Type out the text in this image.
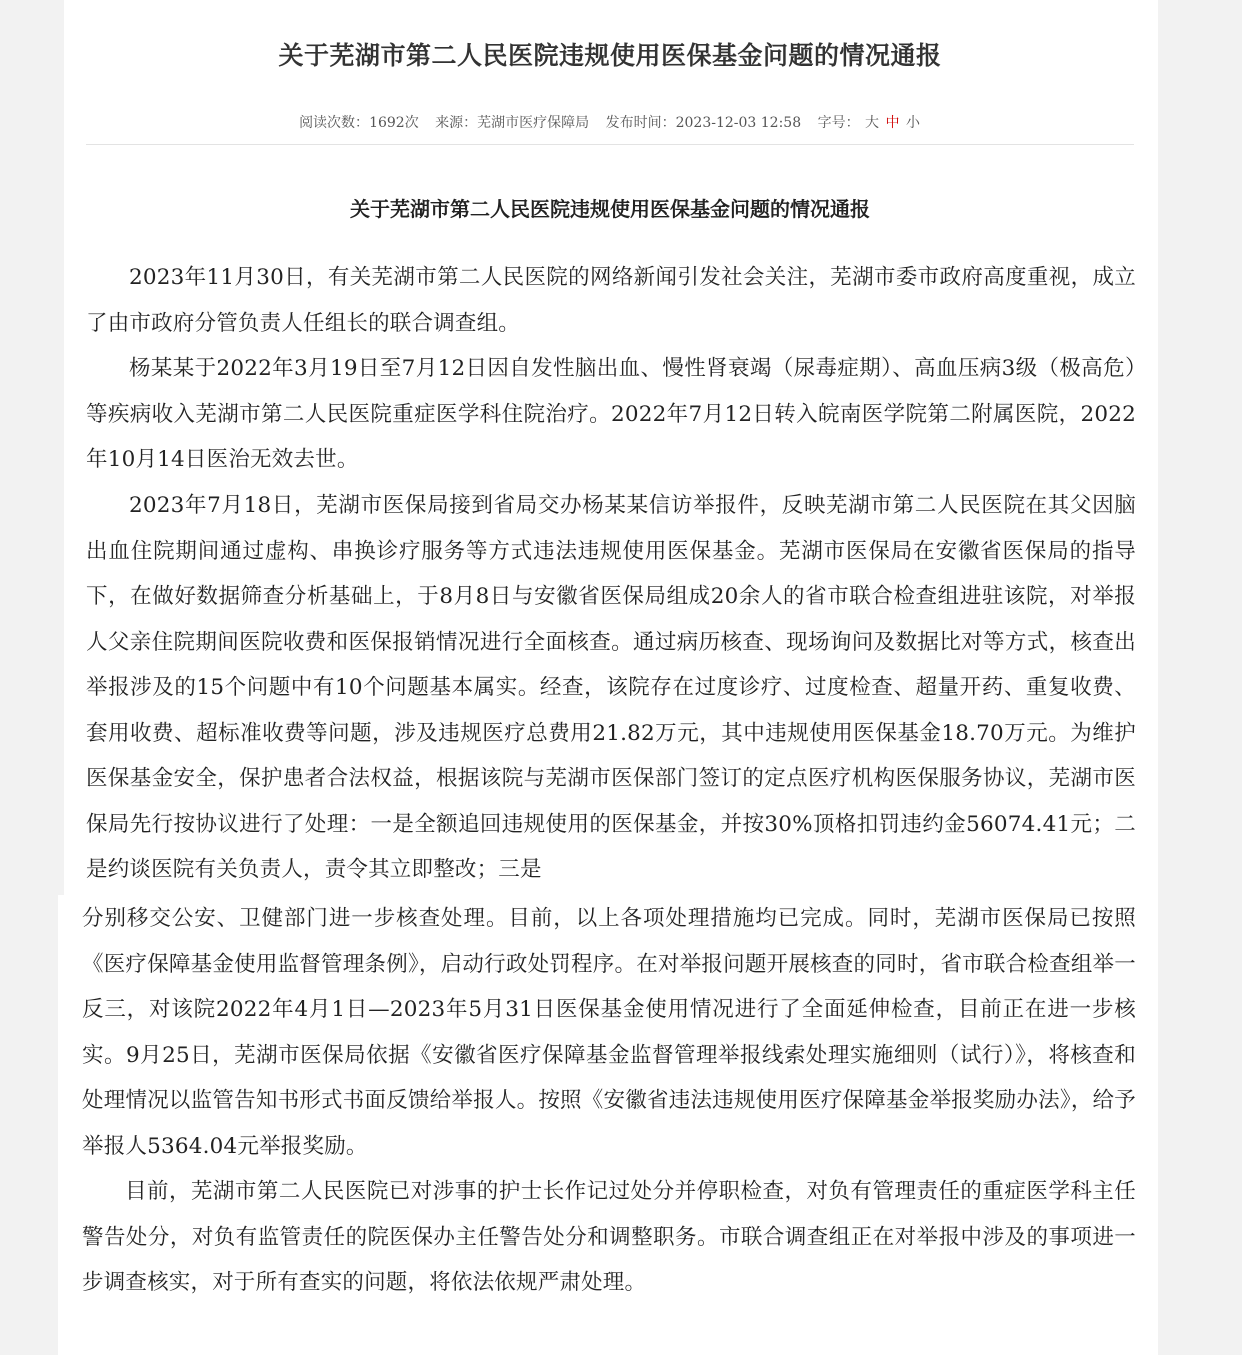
关于芜湖市第二人民医院违规使用医保基金问题的情况通报
阅读次数：1692次 来源：芜湖市医疗保障局 发布时间：2023-12-03 12:58 字号： 大 中 小
关于芜湖市第二人民医院违规使用医保基金问题的情况通报

2023年11月30日，有关芜湖市第二人民医院的网络新闻引发社会关注，芜湖市委市政府高度重视，成立了由市政府分管负责人任组长的联合调查组。

杨某某于2022年3月19日至7月12日因自发性脑出血、慢性肾衰竭（尿毒症期）、高血压病3级（极高危）等疾病收入芜湖市第二人民医院重症医学科住院治疗。2022年7月12日转入皖南医学院第二附属医院，2022年10月14日医治无效去世。

2023年7月18日，芜湖市医保局接到省局交办杨某某信访举报件，反映芜湖市第二人民医院在其父因脑出血住院期间通过虚构、串换诊疗服务等方式违法违规使用医保基金。芜湖市医保局在安徽省医保局的指导下，在做好数据筛查分析基础上，于8月8日与安徽省医保局组成20余人的省市联合检查组进驻该院，对举报人父亲住院期间医院收费和医保报销情况进行全面核查。通过病历核查、现场询问及数据比对等方式，核查出举报涉及的15个问题中有10个问题基本属实。经查，该院存在过度诊疗、过度检查、超量开药、重复收费、套用收费、超标准收费等问题，涉及违规医疗总费用21.82万元，其中违规使用医保基金18.70万元。为维护医保基金安全，保护患者合法权益，根据该院与芜湖市医保部门签订的定点医疗机构医保服务协议，芜湖市医保局先行按协议进行了处理：一是全额追回违规使用的医保基金，并按30%顶格扣罚违约金56074.41元；二是约谈医院有关负责人，责令其立即整改；三是

分别移交公安、卫健部门进一步核查处理。目前，以上各项处理措施均已完成。同时，芜湖市医保局已按照《医疗保障基金使用监督管理条例》，启动行政处罚程序。在对举报问题开展核查的同时，省市联合检查组举一反三，对该院2022年4月1日—2023年5月31日医保基金使用情况进行了全面延伸检查，目前正在进一步核实。9月25日，芜湖市医保局依据《安徽省医疗保障基金监督管理举报线索处理实施细则（试行）》，将核查和处理情况以监管告知书形式书面反馈给举报人。按照《安徽省违法违规使用医疗保障基金举报奖励办法》，给予举报人5364.04元举报奖励。

目前，芜湖市第二人民医院已对涉事的护士长作记过处分并停职检查，对负有管理责任的重症医学科主任警告处分，对负有监管责任的院医保办主任警告处分和调整职务。市联合调查组正在对举报中涉及的事项进一步调查核实，对于所有查实的问题，将依法依规严肃处理。
